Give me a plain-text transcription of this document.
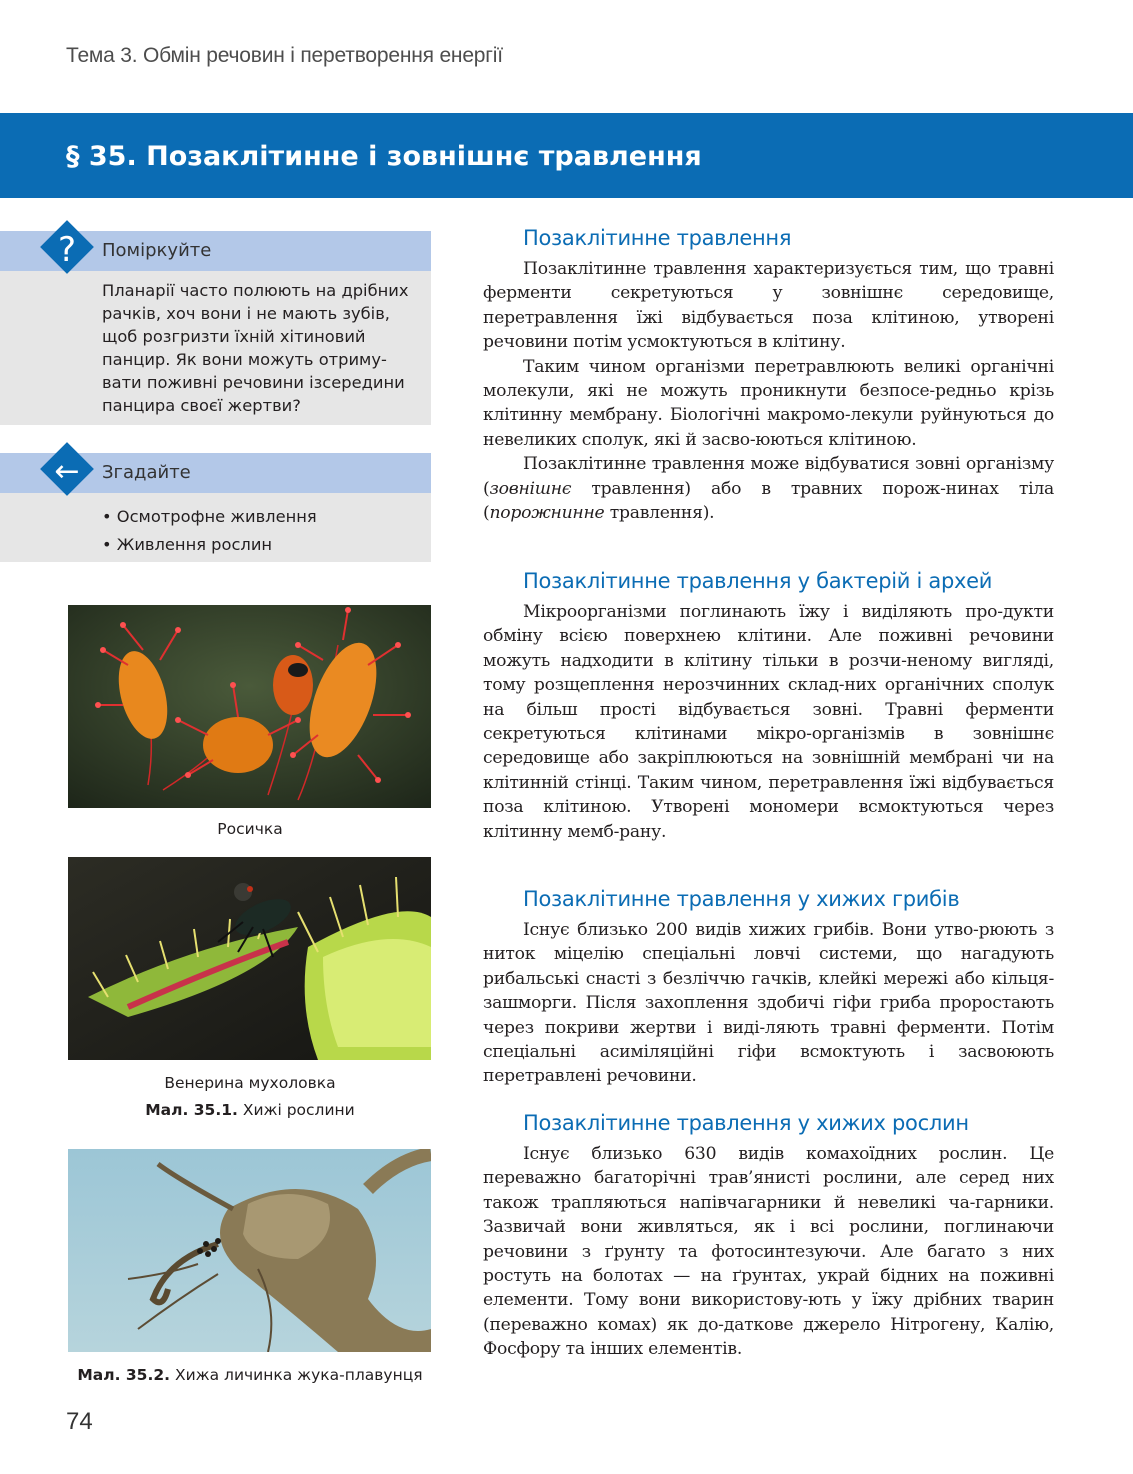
Тема 3. Обмін речовин і перетворення енергії
§ 35. Позаклітинне і зовнішнє травлення
?	Поміркуйте
Планарії часто полюють на дрібних рачків, хоч вони і не мають зубів, щоб розгризти їхній хітиновий панцир. Як вони можуть отриму-вати поживні речовини ізсередини панцира своєї жертви?
←	Згадайте
• Осмотрофне живлення
• Живлення рослин
Росичка
Венерина мухоловка
Мал. 35.1. Хижі рослини
Мал. 35.2. Хижа личинка жука-плавунця
Позаклітинне травлення

Позаклітинне травлення характеризується тим, що травні ферменти секретуються у зовнішнє середовище, перетравлення їжі відбувається поза клітиною, утворені речовини потім усмоктуються в клітину.

Таким чином організми перетравлюють великі органічні молекули, які не можуть проникнути безпосе-редньо крізь клітинну мембрану. Біологічні макромо-лекули руйнуються до невеликих сполук, які й засво-юються клітиною.

Позаклітинне травлення може відбуватися зовні організму (зовнішнє травлення) або в травних порож-нинах тіла (порожнинне травлення).

Позаклітинне травлення у бактерій і архей

Мікроорганізми поглинають їжу і виділяють про-дукти обміну всією поверхнею клітини. Але поживні речовини можуть надходити в клітину тільки в розчи-неному вигляді, тому розщеплення нерозчинних склад-них органічних сполук на більш прості відбувається зовні. Травні ферменти секретуються клітинами мікро-організмів в зовнішнє середовище або закріплюються на зовнішній мембрані чи на клітинній стінці. Таким чином, перетравлення їжі відбувається поза клітиною. Утворені мономери всмоктуються через клітинну мемб-рану.

Позаклітинне травлення у хижих грибів

Існує близько 200 видів хижих грибів. Вони утво-рюють з ниток міцелію спеціальні ловчі системи, що нагадують рибальські снасті з безліччю гачків, клейкі мережі або кільця-зашморги. Після захоплення здобичі гіфи гриба проростають через покриви жертви і виді-ляють травні ферменти. Потім спеціальні асиміляційні гіфи всмоктують і засвоюють перетравлені речовини.

Позаклітинне травлення у хижих рослин

Існує близько 630 видів комахоїдних рослин. Це переважно багаторічні трав’янисті рослини, але серед них також трапляються напівчагарники й невеликі ча-гарники. Зазвичай вони живляться, як і всі рослини, поглинаючи речовини з ґрунту та фотосинтезуючи. Але багато з них ростуть на болотах — на ґрунтах, украй бідних на поживні елементи. Тому вони використову-ють у їжу дрібних тварин (переважно комах) як до-даткове джерело Нітрогену, Калію, Фосфору та інших елементів.

74
